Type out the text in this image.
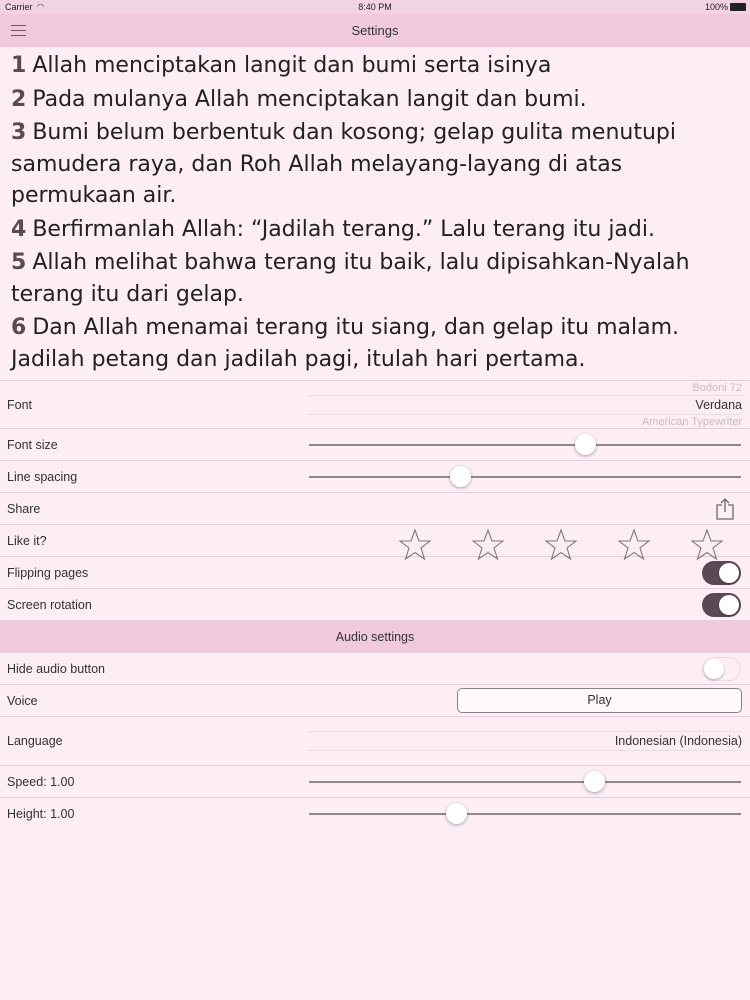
Carrier ◠	8:40 PM	100%
Settings
1 Allah menciptakan langit dan bumi serta isinya
2 Pada mulanya Allah menciptakan langit dan bumi.
3 Bumi belum berbentuk dan kosong; gelap gulita menutupi samudera raya, dan Roh Allah melayang-layang di atas permukaan air.
4 Berfirmanlah Allah: “Jadilah terang.” Lalu terang itu jadi.
5 Allah melihat bahwa terang itu baik, lalu dipisahkan-Nyalah terang itu dari gelap.
6 Dan Allah menamai terang itu siang, dan gelap itu malam. Jadilah petang dan jadilah pagi, itulah hari pertama.
Font
Bodoni 72
Verdana
American Typewriter
Font size
Line spacing
Share
Like it?
Flipping pages
Screen rotation
Audio settings
Hide audio button
Voice	Play
Language	Indonesian (Indonesia)
Speed: 1.00
Height: 1.00
